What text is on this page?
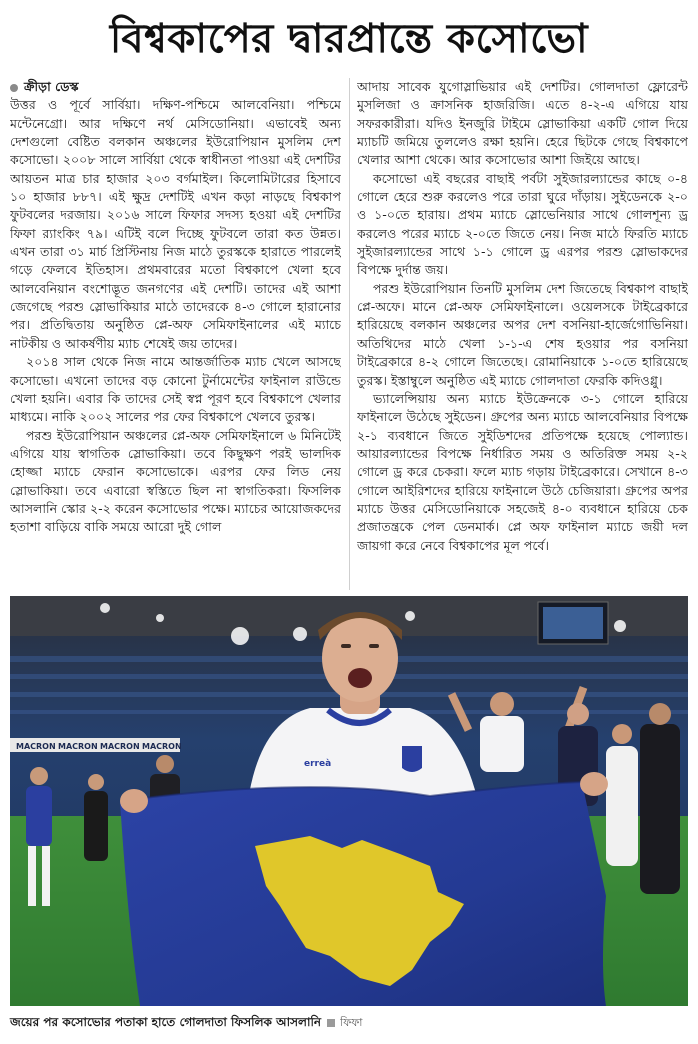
বিশ্বকাপের দ্বারপ্রান্তে কসোভো

ক্রীড়া ডেস্ক
উত্তর ও পূর্বে সার্বিয়া। দক্ষিণ-পশ্চিমে আলবেনিয়া। পশ্চিমে মন্টেনেগ্রো। আর দক্ষিণে নর্থ মেসিডোনিয়া। এভাবেই অন্য দেশগুলো বেষ্টিত বলকান অঞ্চলের ইউরোপিয়ান মুসলিম দেশ কসোভো। ২০০৮ সালে সার্বিয়া থেকে স্বাধীনতা পাওয়া এই দেশটির আয়তন মাত্র চার হাজার ২০৩ বর্গমাইল। কিলোমিটারের হিসাবে ১০ হাজার ৮৮৭। এই ক্ষুদ্র দেশটিই এখন কড়া নাড়ছে বিশ্বকাপ ফুটবলের দরজায়। ২০১৬ সালে ফিফার সদস্য হওয়া এই দেশটির ফিফা র‍্যাংকিং ৭৯। এটিই বলে দিচ্ছে ফুটবলে তারা কত উন্নত। এখন তারা ৩১ মার্চ প্রিস্টিনায় নিজ মাঠে তুরস্ককে হারাতে পারলেই গড়ে ফেলবে ইতিহাস। প্রথমবারের মতো বিশ্বকাপে খেলা হবে আলবেনিয়ান বংশোদ্ভূত জনগণের এই দেশটি। তাদের এই আশা জেগেছে পরশু স্লোভাকিয়ার মাঠে তাদেরকে ৪-৩ গোলে হারানোর পর। প্রতিদ্বিতায় অনুষ্ঠিত প্লে-অফ সেমিফাইনালের এই ম্যাচে নাটকীয় ও আকর্ষণীয় ম্যাচ শেষেই জয় তাদের।

২০১৪ সাল থেকে নিজ নামে আন্তর্জাতিক ম্যাচ খেলে আসছে কসোভো। এখনো তাদের বড় কোনো টুর্নামেন্টের ফাইনাল রাউন্ডে খেলা হয়নি। এবার কি তাদের সেই স্বপ্ন পূরণ হবে বিশ্বকাপে খেলার মাধ্যমে। নাকি ২০০২ সালের পর ফের বিশ্বকাপে খেলবে তুরস্ক।

পরশু ইউরোপিয়ান অঞ্চলের প্লে-অফ সেমিফাইনালে ৬ মিনিটেই এগিয়ে যায় স্বাগতিক স্লোভাকিয়া। তবে কিছুক্ষণ পরই ভালদিক হোজ্জা ম্যাচে ফেরান কসোভোকে। এরপর ফের লিড নেয় স্লোভাকিয়া। তবে এবারো স্বস্তিতে ছিল না স্বাগতিকরা। ফিসলিক আসলানি স্কোর ২-২ করেন কসোভোর পক্ষে। ম্যাচের আয়োজকদের হতাশা বাড়িয়ে বাকি সময়ে আরো দুই গোল

আদায় সাবেক যুগোস্লাভিয়ার এই দেশটির। গোলদাতা ফ্লোরেন্ট মুসলিজা ও ক্রাসনিক হাজরিজি। এতে ৪-২-এ এগিয়ে যায় সফরকারীরা। যদিও ইনজুরি টাইমে স্লোভাকিয়া একটি গোল দিয়ে ম্যাচটি জমিয়ে তুললেও রক্ষা হয়নি। হেরে ছিটকে গেছে বিশ্বকাপে খেলার আশা থেকে। আর কসোভোর আশা জিইয়ে আছে।

কসোভো এই বছরের বাছাই পর্বটা সুইজারল্যান্ডের কাছে ০-৪ গোলে হেরে শুরু করলেও পরে তারা ঘুরে দাঁড়ায়। সুইডেনকে ২-০ ও ১-০তে হারায়। প্রথম ম্যাচে স্লোভেনিয়ার সাথে গোলশূন্য ড্র করলেও পরের ম্যাচে ২-০তে জিতে নেয়। নিজ মাঠে ফিরতি ম্যাচে সুইজারল্যান্ডের সাথে ১-১ গোলে ড্র এরপর পরশু স্লোভাকদের বিপক্ষে দুর্দান্ত জয়।

পরশু ইউরোপিয়ান তিনটি মুসলিম দেশ জিতেছে বিশ্বকাপ বাছাই প্লে-অফে। মানে প্লে-অফ সেমিফাইনালে। ওয়েলসকে টাইব্রেকারে হারিয়েছে বলকান অঞ্চলের অপর দেশ বসনিয়া-হার্জেগোভিনিয়া। অতিথিদের মাঠে খেলা ১-১-এ শেষ হওয়ার পর বসনিয়া টাইব্রেকারে ৪-২ গোলে জিতেছে। রোমানিয়াকে ১-০তে হারিয়েছে তুরস্ক। ইস্তাম্বুলে অনুষ্ঠিত এই ম্যাচে গোলদাতা ফেরকি কদিওগ্লু।

ভ্যালেন্সিয়ায় অন্য ম্যাচে ইউক্রেনকে ৩-১ গোলে হারিয়ে ফাইনালে উঠেছে সুইডেন। গ্রুপের অন্য ম্যাচে আলবেনিয়ার বিপক্ষে ২-১ ব্যবধানে জিতে সুইডিশদের প্রতিপক্ষে হয়েছে পোল্যান্ড। আয়ারল্যান্ডের বিপক্ষে নির্ধারিত সময় ও অতিরিক্ত সময় ২-২ গোলে ড্র করে চেকরা। ফলে ম্যাচ গড়ায় টাইব্রেকারে। সেখানে ৪-৩ গোলে আইরিশদের হারিয়ে ফাইনালে উঠে চেজিয়ারা। গ্রুপের অপর ম্যাচে উত্তর মেসিডোনিয়াকে সহজেই ৪-০ ব্যবধানে হারিয়ে চেক প্রজাতন্ত্রকে পেল ডেনমার্ক। প্লে অফ ফাইনাল ম্যাচে জয়ী দল জায়গা করে নেবে বিশ্বকাপের মূল পর্বে।

MACRON MACRON MACRON MACRON
erreà
জয়ের পর কসোভোর পতাকা হাতে গোলদাতা ফিসলিক আসলানি ফিফা
